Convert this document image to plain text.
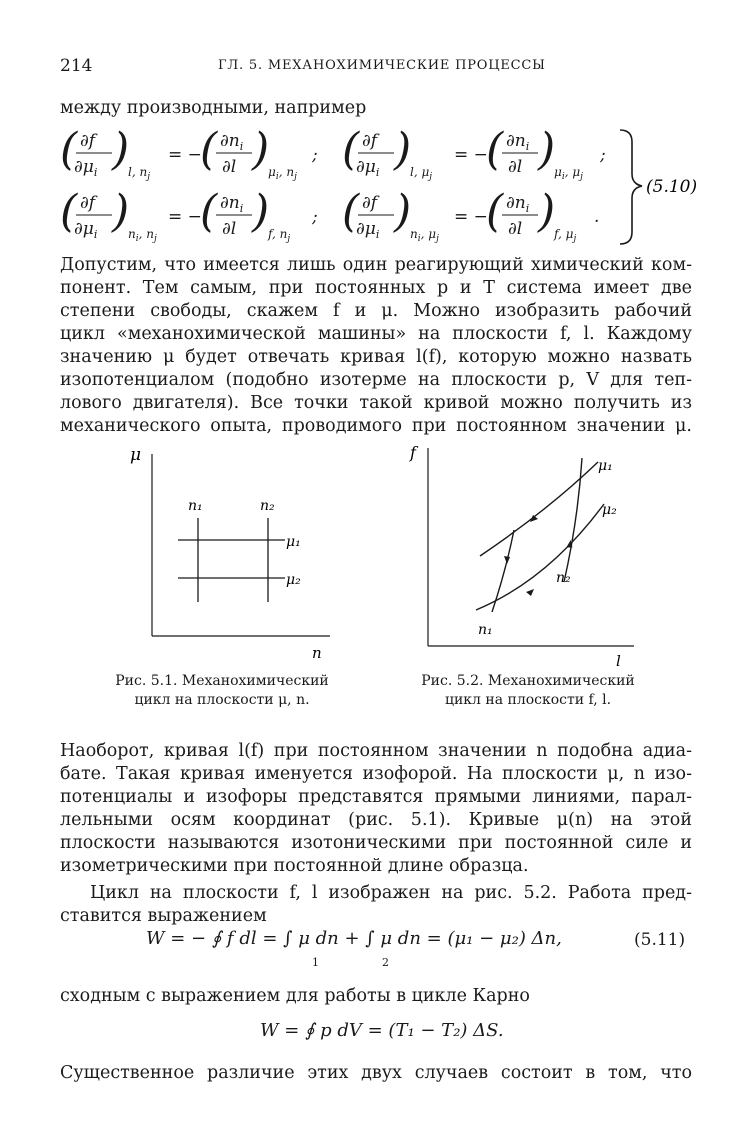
214	ГЛ. 5. МЕХАНОХИМИЧЕСКИЕ ПРОЦЕССЫ
между производными, например
( ∂f
$\partial\mu_i$ )
l, $n_j$
= −
( $\partial n_i$
∂l )
$\mu_i$, $n_j$
; ( ∂f
$\partial\mu_i$ )
l, $\mu_j$
= −
( $\partial n_i$
∂l )
$\mu_i$, $\mu_j$
;
( ∂f
$\partial\mu_i$ )
$n_i$, $n_j$
= −
( $\partial n_i$
∂l )
f, $n_j$
; ( ∂f
$\partial\mu_i$ )
$n_i$, $\mu_j$
= −
( $\partial n_i$
∂l )
f, $\mu_j$
.
(5.10)
Допустим, что имеется лишь один реагирующий химический ком-
понент. Тем самым, при постоянных p и T система имеет две
степени свободы, скажем f и μ. Можно изобразить рабочий
цикл «механохимической машины» на плоскости f, l. Каждому
значению μ будет отвечать кривая l(f), которую можно назвать
изопотенциалом (подобно изотерме на плоскости p, V для теп-
лового двигателя). Все точки такой кривой можно получить из
механического опыта, проводимого при постоянном значении μ.
μ
n
n₁	n₂
μ₁
μ₂
Рис. 5.1. Механохимический
цикл на плоскости μ, n.
f
l
μ₁
μ₂
n₂
n₁
Рис. 5.2. Механохимический
цикл на плоскости f, l.
Наоборот, кривая l(f) при постоянном значении n подобна адиа-
бате. Такая кривая именуется изофорой. На плоскости μ, n изо-
потенциалы и изофоры представятся прямыми линиями, парал-
лельными осям координат (рис. 5.1). Кривые μ(n) на этой
плоскости называются изотоническими при постоянной силе и
изометрическими при постоянной длине образца.
Цикл на плоскости f, l изображен на рис. 5.2. Работа пред-
ставится выражением
W = − ∮ f dl = ∫ μ dn + ∫ μ dn = (μ₁ − μ₂) Δn,
1	2
(5.11)
сходным с выражением для работы в цикле Карно
W = ∮ p dV = (T₁ − T₂) ΔS.
Существенное различие этих двух случаев состоит в том, что
